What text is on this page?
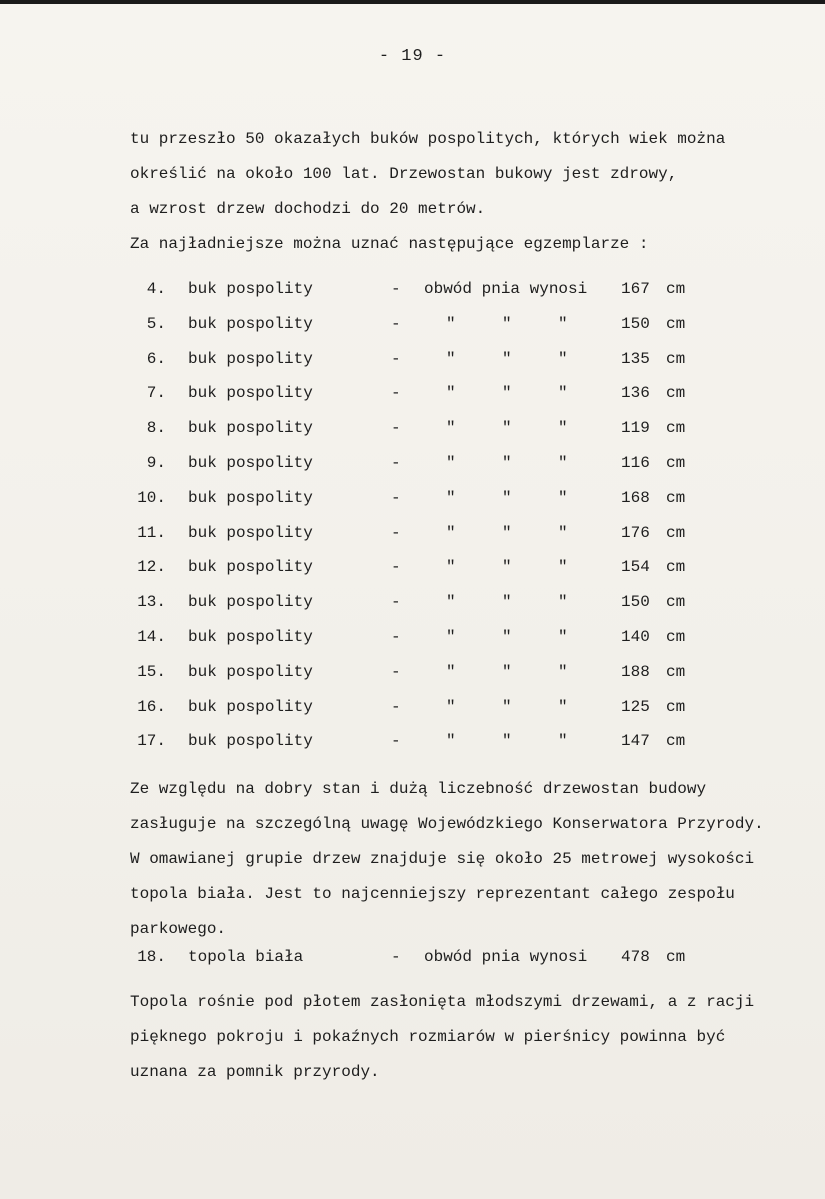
- 19 -
tu przeszło 50 okazałych buków pospolitych, których wiek można
określić na około 100 lat. Drzewostan bukowy jest zdrowy,
a wzrost drzew dochodzi do 20 metrów.
Za najładniejsze można uznać następujące egzemplarze :
4. buk pospolity	- obwód pnia wynosi 167 cm
5. buk pospolity	-	"	"	"	150 cm
6. buk pospolity	-	"	"	"	135 cm
7. buk pospolity	-	"	"	"	136 cm
8. buk pospolity	-	"	"	"	119 cm
9. buk pospolity	-	"	"	"	116 cm
10. buk pospolity	-	"	"	"	168 cm
11. buk pospolity	-	"	"	"	176 cm
12. buk pospolity	-	"	"	"	154 cm
13. buk pospolity	-	"	"	"	150 cm
14. buk pospolity	-	"	"	"	140 cm
15. buk pospolity	-	"	"	"	188 cm
16. buk pospolity	-	"	"	"	125 cm
17. buk pospolity	-	"	"	"	147 cm
Ze względu na dobry stan i dużą liczebność drzewostan budowy
zasługuje na szczególną uwagę Wojewódzkiego Konserwatora Przyrody.
W omawianej grupie drzew znajduje się około 25 metrowej wysokości
topola biała. Jest to najcenniejszy reprezentant całego zespołu
parkowego.
18. topola biała	- obwód pnia wynosi 478 cm
Topola rośnie pod płotem zasłonięta młodszymi drzewami, a z racji
pięknego pokroju i pokaźnych rozmiarów w pierśnicy powinna być
uznana za pomnik przyrody.
